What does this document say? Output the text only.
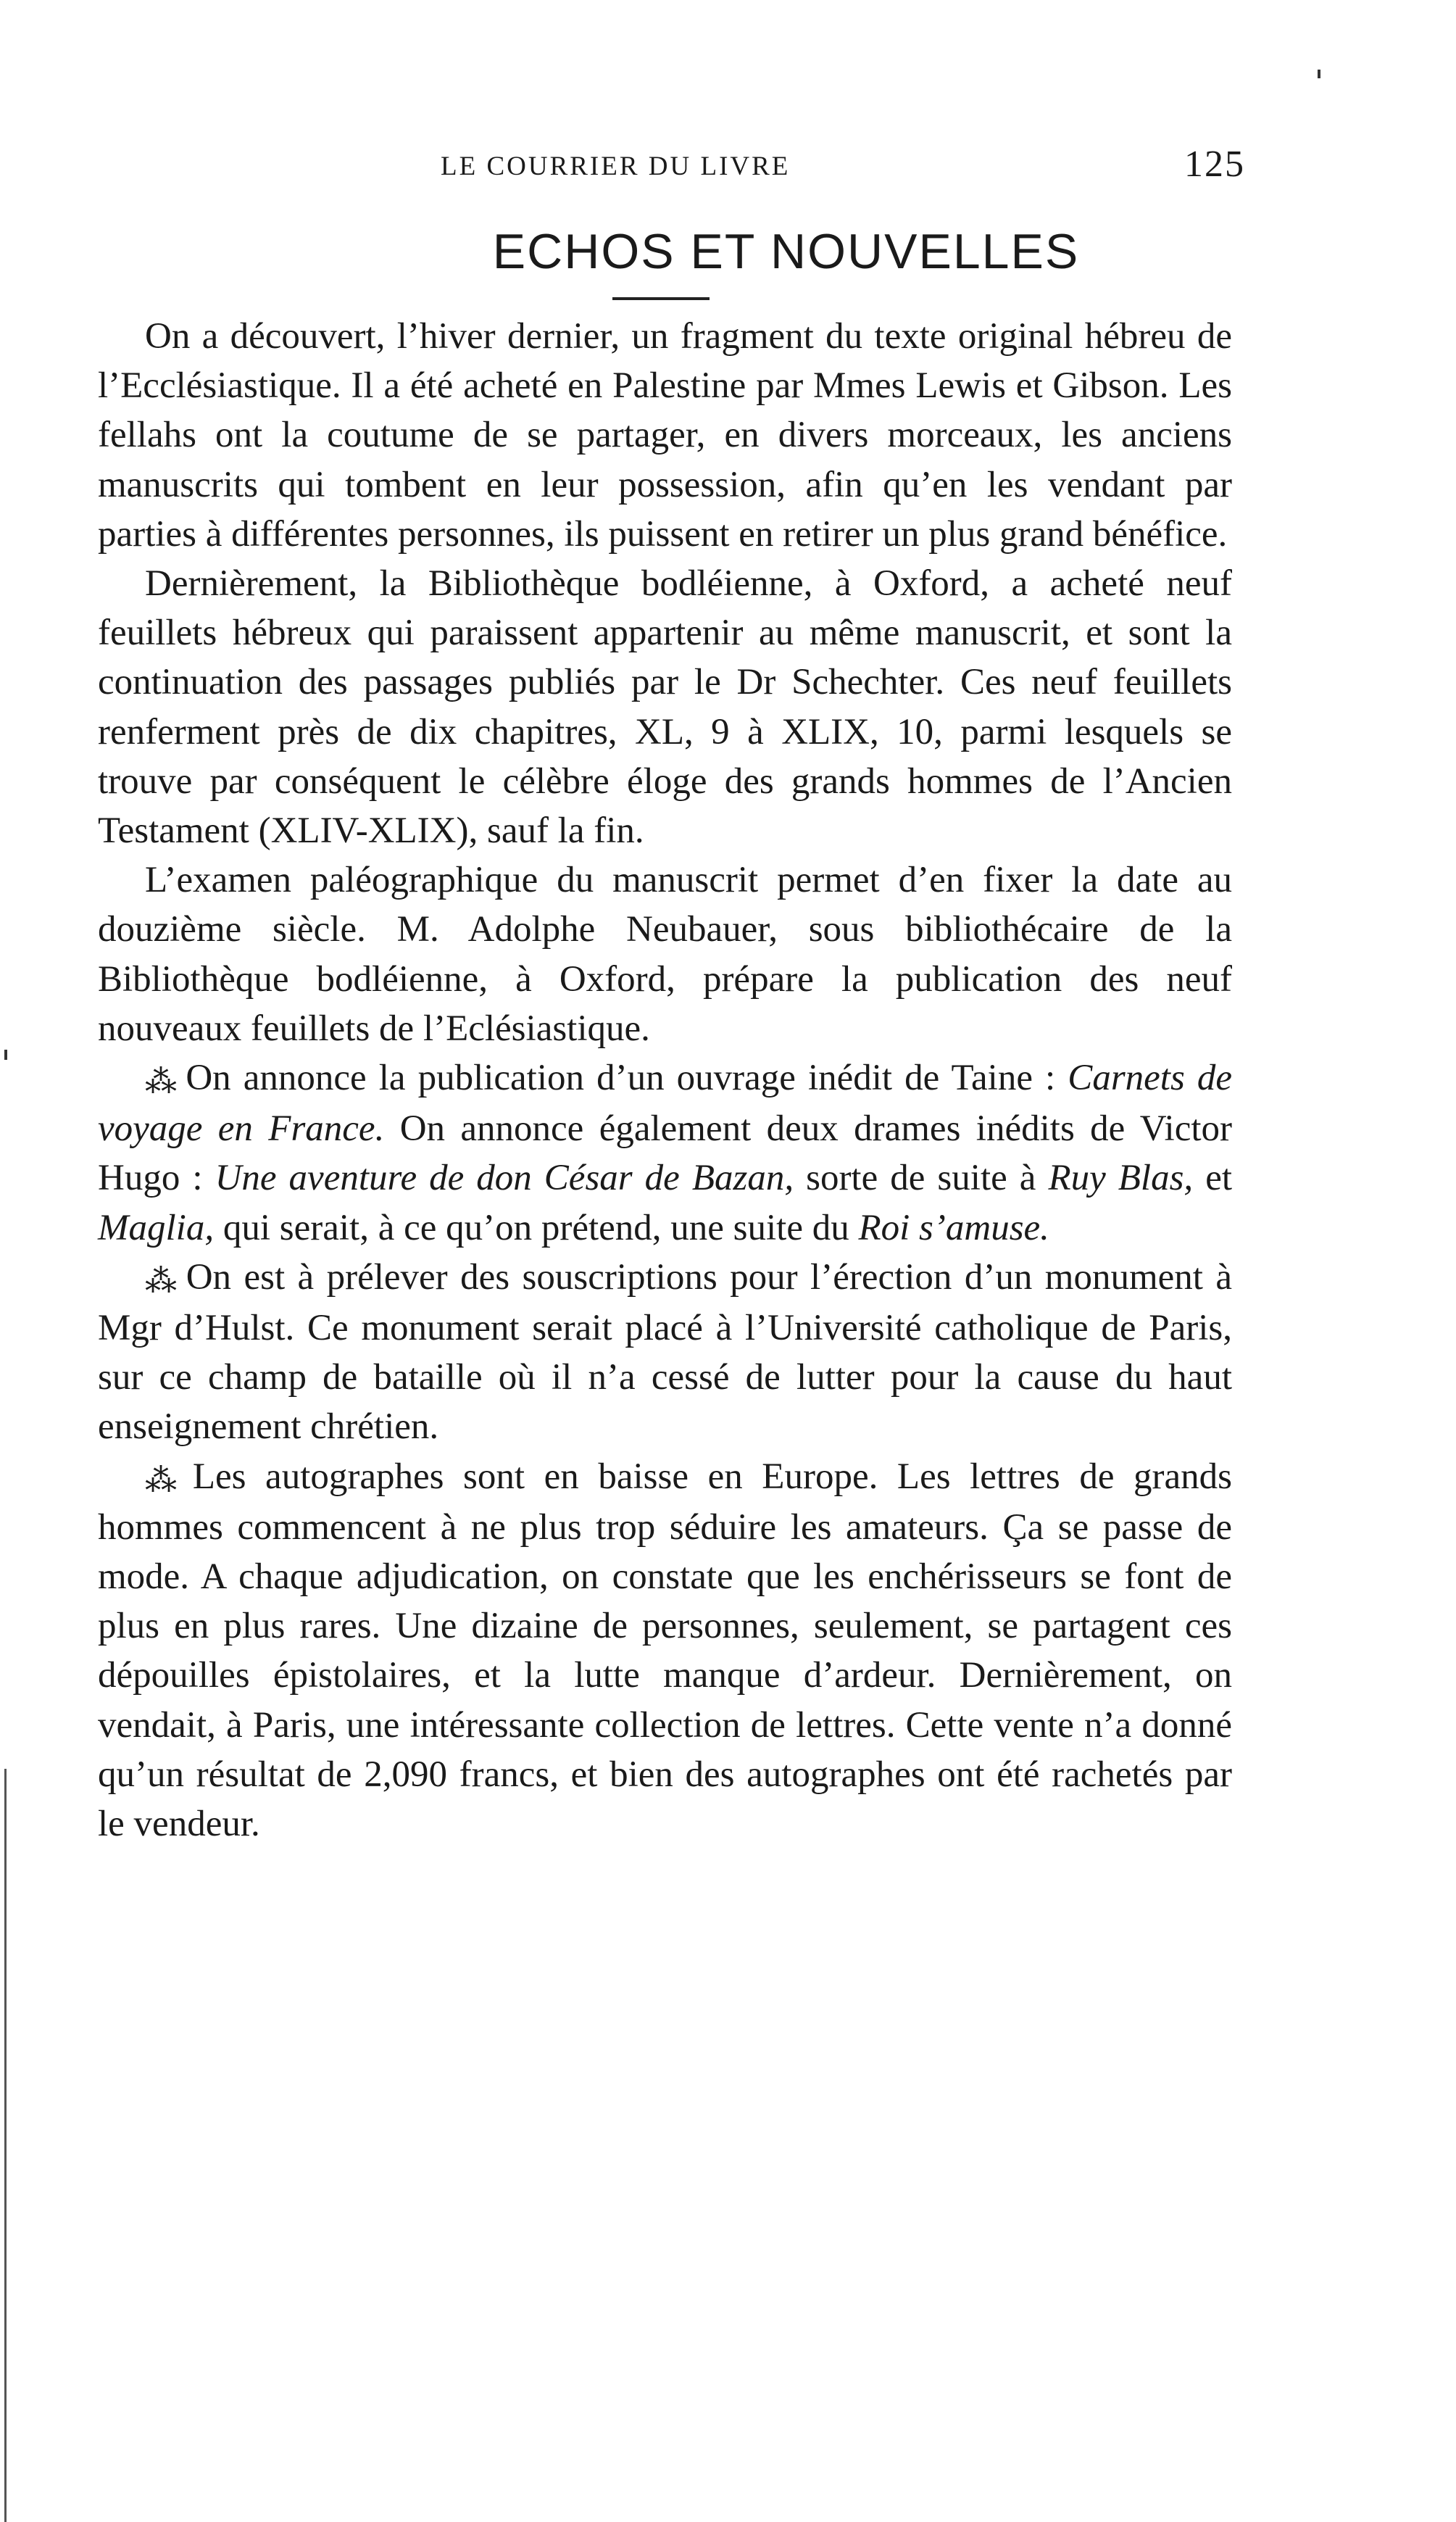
LE COURRIER DU LIVRE	125
ECHOS ET NOUVELLES

On a découvert, l’hiver dernier, un fragment du texte original hébreu de l’Ecclésiastique. Il a été acheté en Palestine par Mmes Lewis et Gibson. Les fellahs ont la coutume de se partager, en divers morceaux, les anciens manuscrits qui tombent en leur possession, afin qu’en les vendant par parties à différentes personnes, ils puissent en retirer un plus grand bénéfice.

Dernièrement, la Bibliothèque bodléienne, à Oxford, a acheté neuf feuillets hébreux qui paraissent appartenir au même manuscrit, et sont la continuation des passages publiés par le Dr Schechter. Ces neuf feuillets renferment près de dix chapitres, XL, 9 à XLIX, 10, parmi lesquels se trouve par conséquent le célèbre éloge des grands hommes de l’Ancien Testament (XLIV-XLIX), sauf la fin.

L’examen paléographique du manuscrit permet d’en fixer la date au douzième siècle. M. Adolphe Neubauer, sous bibliothécaire de la Bibliothèque bodléienne, à Oxford, prépare la publication des neuf nouveaux feuillets de l’Eclésiastique.

⁂ On annonce la publication d’un ouvrage inédit de Taine : Carnets de voyage en France. On annonce également deux drames inédits de Victor Hugo : Une aventure de don César de Bazan, sorte de suite à Ruy Blas, et Maglia, qui serait, à ce qu’on prétend, une suite du Roi s’amuse.

⁂ On est à prélever des souscriptions pour l’érection d’un monument à Mgr d’Hulst. Ce monument serait placé à l’Université catholique de Paris, sur ce champ de bataille où il n’a cessé de lutter pour la cause du haut enseignement chrétien.

⁂ Les autographes sont en baisse en Europe. Les lettres de grands hommes commencent à ne plus trop séduire les amateurs. Ça se passe de mode. A chaque adjudication, on constate que les enchérisseurs se font de plus en plus rares. Une dizaine de personnes, seulement, se partagent ces dépouilles épistolaires, et la lutte manque d’ardeur. Dernièrement, on vendait, à Paris, une intéressante collection de lettres. Cette vente n’a donné qu’un résultat de 2,090 francs, et bien des autographes ont été rachetés par le vendeur.
